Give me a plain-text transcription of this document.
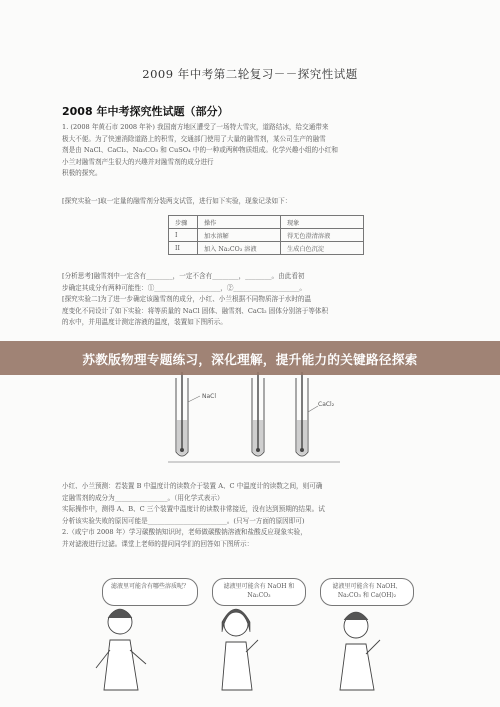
2009 年中考第二轮复习－－探究性试题
2008 年中考探究性试题（部分）
1. (2008 年黄石市 2008 年补) 我国南方地区遭受了一场特大雪灾，道路结冰，给交通带来
极大不便。为了快速消除道路上的积雪，交通部门使用了大量的融雪剂，某公司生产的融雪
剂是由 NaCl、CaCl₂、Na₂CO₃ 和 CuSO₄ 中的一种或两种物质组成。化学兴趣小组的小红和
小兰对融雪剂产生很大的兴趣并对融雪剂的成分进行
积极的探究。
[探究实验一]取一定量的融雪剂分装两支试管，进行如下实验，现象记录如下：
步骤	操作	现象
I	加水溶解	得无色澄清溶液
II	加入 Na₂CO₃ 溶液	生成白色沉淀
[分析思考]融雪剂中一定含有________，一定不含有________，________。由此看初
步确定其成分有两种可能性：①____________________，②____________________。
[探究实验二]为了进一步确定该融雪剂的成分，小红、小兰根据不同物质溶于水时的温
度变化不同设计了如下实验：将等质量的 NaCl 固体、融雪剂、CaCl₂ 固体分别溶于等体积
的水中，并用温度计测定溶液的温度，装置如下图所示。
NaCl
CaCl₂
小红、小兰预测：若装置 B 中温度计的读数介于装置 A、C 中温度计的读数之间，则可确
定融雪剂的成分为________________。（用化学式表示）
实际操作中，测得 A、B、C 三个装置中温度计的读数非常接近，没有达到预期的结果。试
分析该实验失败的原因可能是________________________。(只写一方面的原因即可)
2.（咸宁市 2008 年）学习碳酸钠知识时，老师做碳酸钠溶液和盐酸反应现象实验，
并对滤液进行过滤。课堂上老师的提问同学们的回答如下图所示：
滤液里可能含有哪些溶质呢？	滤液里可能含有 NaOH 和 Na₂CO₃
滤液里可能含有 NaOH、Na₂CO₃ 和 Ca(OH)₂
苏教版物理专题练习，深化理解，提升能力的关键路径探索
